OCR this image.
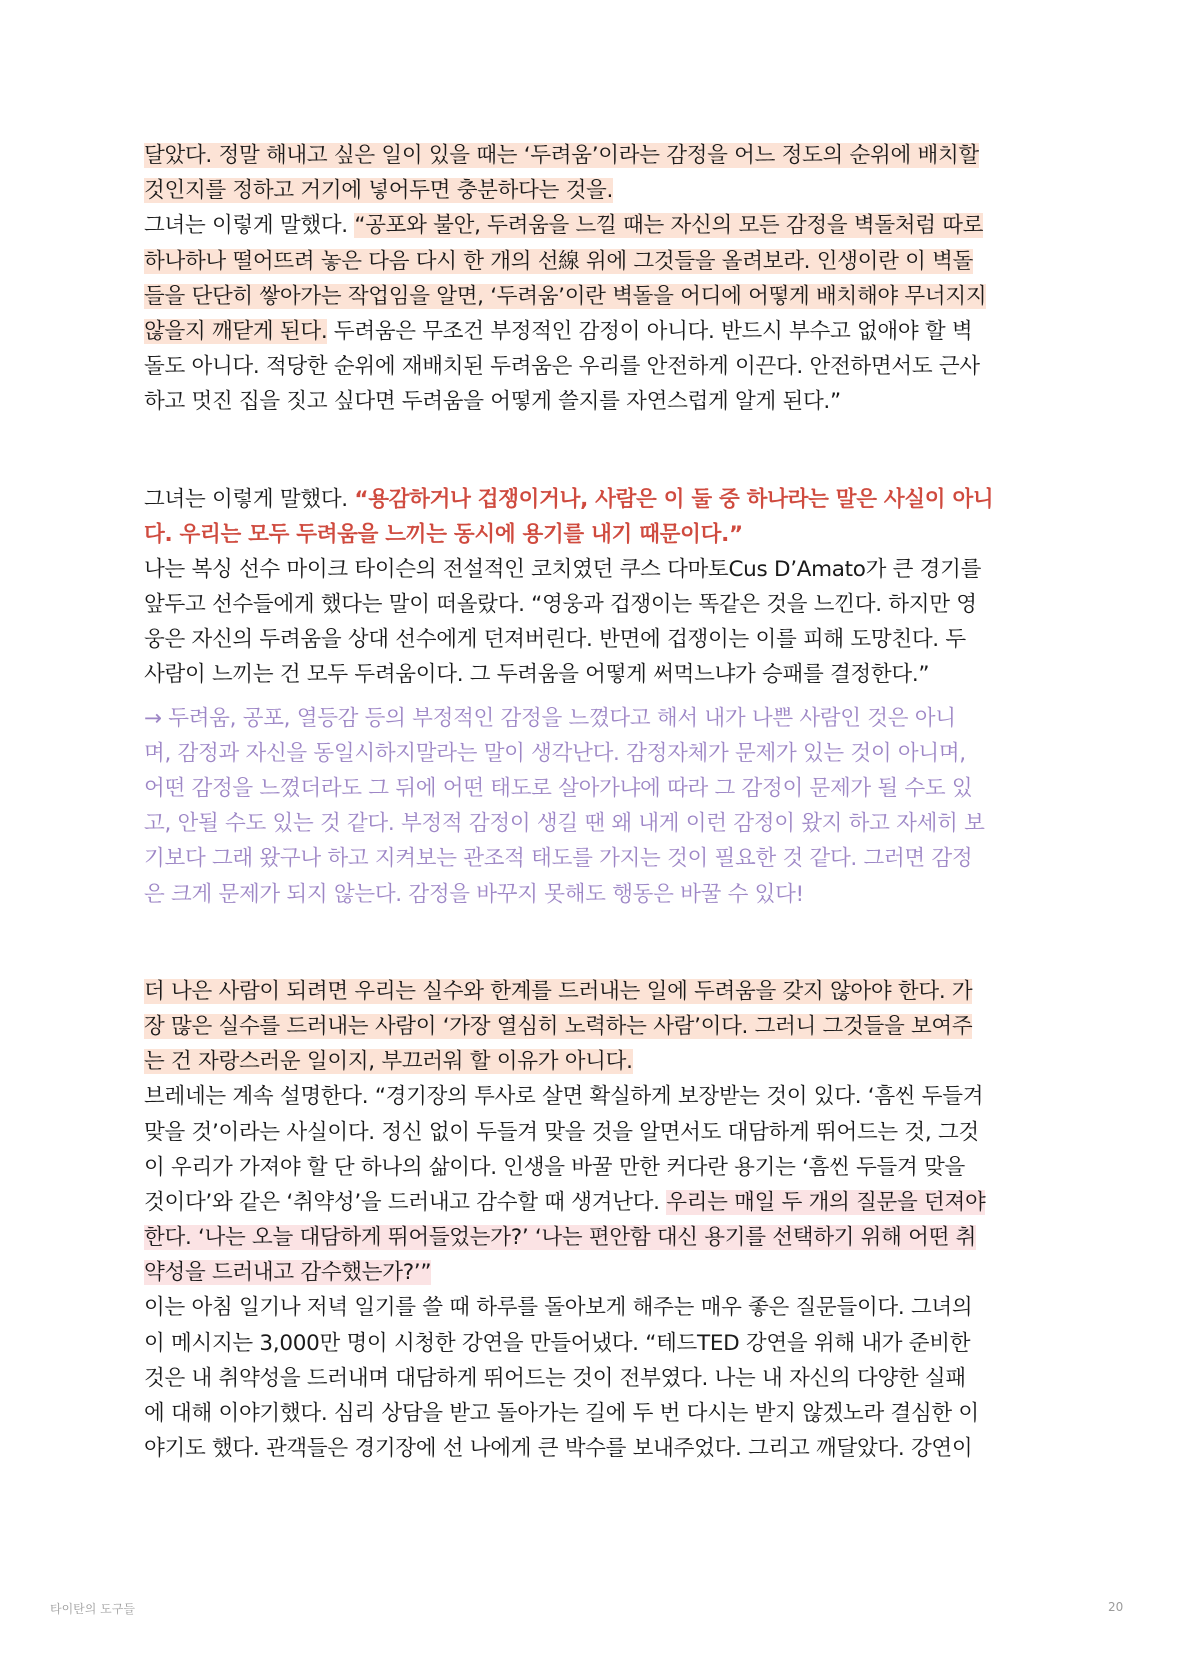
달았다. 정말 해내고 싶은 일이 있을 때는 ‘두려움’이라는 감정을 어느 정도의 순위에 배치할
것인지를 정하고 거기에 넣어두면 충분하다는 것을.
그녀는 이렇게 말했다. “공포와 불안, 두려움을 느낄 때는 자신의 모든 감정을 벽돌처럼 따로
하나하나 떨어뜨려 놓은 다음 다시 한 개의 선線 위에 그것들을 올려보라. 인생이란 이 벽돌
들을 단단히 쌓아가는 작업임을 알면, ‘두려움’이란 벽돌을 어디에 어떻게 배치해야 무너지지
않을지 깨닫게 된다. 두려움은 무조건 부정적인 감정이 아니다. 반드시 부수고 없애야 할 벽
돌도 아니다. 적당한 순위에 재배치된 두려움은 우리를 안전하게 이끈다. 안전하면서도 근사
하고 멋진 집을 짓고 싶다면 두려움을 어떻게 쓸지를 자연스럽게 알게 된다.”
그녀는 이렇게 말했다. “용감하거나 겁쟁이거나, 사람은 이 둘 중 하나라는 말은 사실이 아니
다. 우리는 모두 두려움을 느끼는 동시에 용기를 내기 때문이다.”
나는 복싱 선수 마이크 타이슨의 전설적인 코치였던 쿠스 다마토Cus D’Amato가 큰 경기를
앞두고 선수들에게 했다는 말이 떠올랐다. “영웅과 겁쟁이는 똑같은 것을 느낀다. 하지만 영
웅은 자신의 두려움을 상대 선수에게 던져버린다. 반면에 겁쟁이는 이를 피해 도망친다. 두
사람이 느끼는 건 모두 두려움이다. 그 두려움을 어떻게 써먹느냐가 승패를 결정한다.”
→ 두려움, 공포, 열등감 등의 부정적인 감정을 느꼈다고 해서 내가 나쁜 사람인 것은 아니
며, 감정과 자신을 동일시하지말라는 말이 생각난다. 감정자체가 문제가 있는 것이 아니며,
어떤 감정을 느꼈더라도 그 뒤에 어떤 태도로 살아가냐에 따라 그 감정이 문제가 될 수도 있
고, 안될 수도 있는 것 같다. 부정적 감정이 생길 땐 왜 내게 이런 감정이 왔지 하고 자세히 보
기보다 그래 왔구나 하고 지켜보는 관조적 태도를 가지는 것이 필요한 것 같다. 그러면 감정
은 크게 문제가 되지 않는다. 감정을 바꾸지 못해도 행동은 바꿀 수 있다!
더 나은 사람이 되려면 우리는 실수와 한계를 드러내는 일에 두려움을 갖지 않아야 한다. 가
장 많은 실수를 드러내는 사람이 ‘가장 열심히 노력하는 사람’이다. 그러니 그것들을 보여주
는 건 자랑스러운 일이지, 부끄러워 할 이유가 아니다.
브레네는 계속 설명한다. “경기장의 투사로 살면 확실하게 보장받는 것이 있다. ‘흠씬 두들겨
맞을 것’이라는 사실이다. 정신 없이 두들겨 맞을 것을 알면서도 대담하게 뛰어드는 것, 그것
이 우리가 가져야 할 단 하나의 삶이다. 인생을 바꿀 만한 커다란 용기는 ‘흠씬 두들겨 맞을
것이다’와 같은 ‘취약성’을 드러내고 감수할 때 생겨난다. 우리는 매일 두 개의 질문을 던져야
한다. ‘나는 오늘 대담하게 뛰어들었는가?’ ‘나는 편안함 대신 용기를 선택하기 위해 어떤 취
약성을 드러내고 감수했는가?’”
이는 아침 일기나 저녁 일기를 쓸 때 하루를 돌아보게 해주는 매우 좋은 질문들이다. 그녀의
이 메시지는 3,000만 명이 시청한 강연을 만들어냈다. “테드TED 강연을 위해 내가 준비한
것은 내 취약성을 드러내며 대담하게 뛰어드는 것이 전부였다. 나는 내 자신의 다양한 실패
에 대해 이야기했다. 심리 상담을 받고 돌아가는 길에 두 번 다시는 받지 않겠노라 결심한 이
야기도 했다. 관객들은 경기장에 선 나에게 큰 박수를 보내주었다. 그리고 깨달았다. 강연이
타이탄의 도구들	20
